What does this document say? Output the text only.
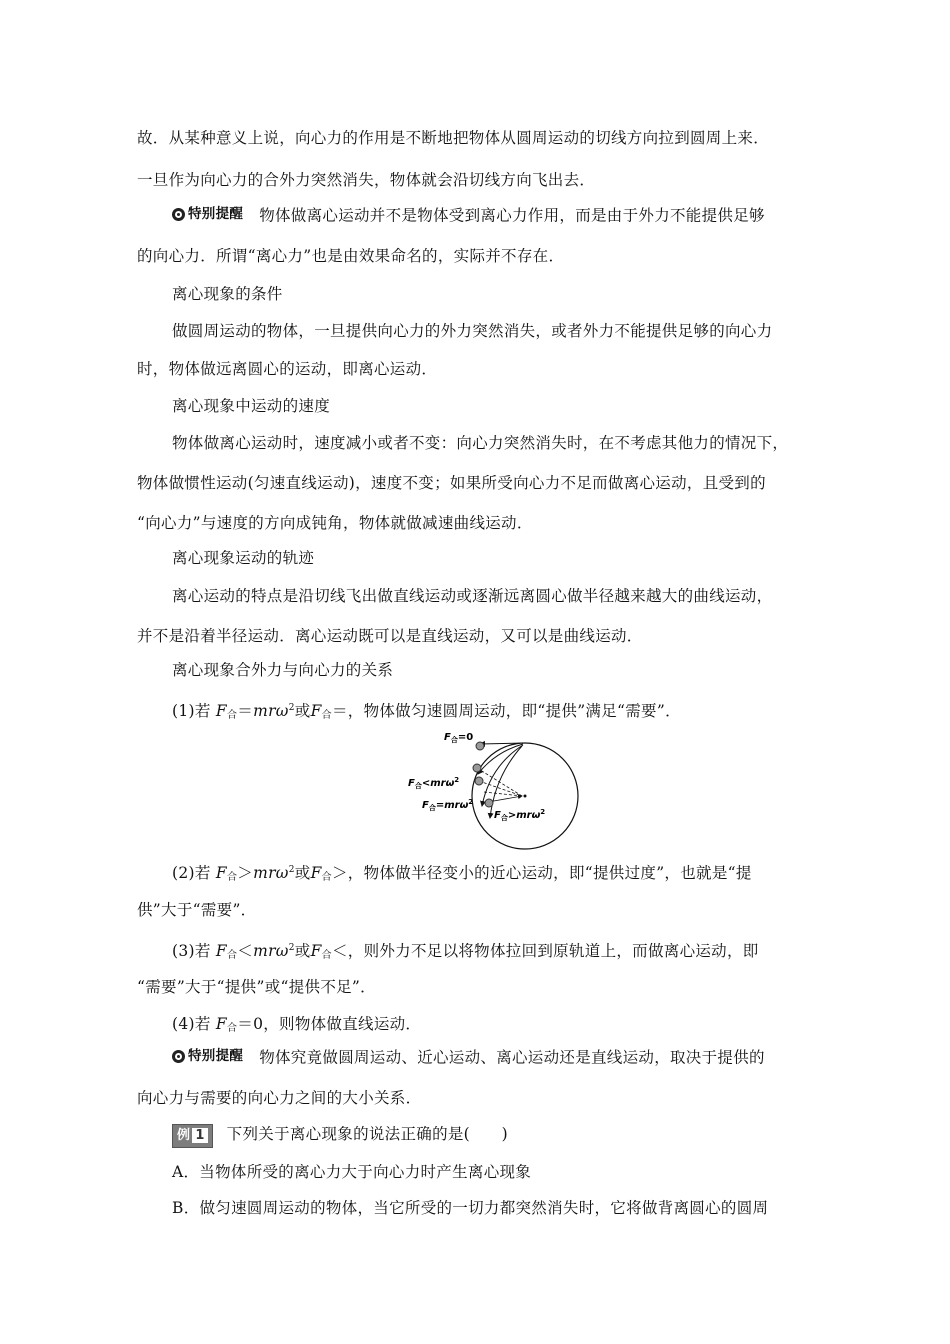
故．从某种意义上说，向心力的作用是不断地把物体从圆周运动的切线方向拉到圆周上来．
一旦作为向心力的合外力突然消失，物体就会沿切线方向飞出去．
特别提醒 物体做离心运动并不是物体受到离心力作用，而是由于外力不能提供足够
的向心力．所谓“离心力”也是由效果命名的，实际并不存在．
离心现象的条件
做圆周运动的物体，一旦提供向心力的外力突然消失，或者外力不能提供足够的向心力
时，物体做远离圆心的运动，即离心运动．
离心现象中运动的速度
物体做离心运动时，速度减小或者不变：向心力突然消失时，在不考虑其他力的情况下，
物体做惯性运动(匀速直线运动)，速度不变；如果所受向心力不足而做离心运动，且受到的
“向心力”与速度的方向成钝角，物体就做减速曲线运动．
离心现象运动的轨迹
离心运动的特点是沿切线飞出做直线运动或逐渐远离圆心做半径越来越大的曲线运动，
并不是沿着半径运动．离心运动既可以是直线运动，又可以是曲线运动．
离心现象合外力与向心力的关系
(1)若 $F_合=mr\omega^2$或$F_合=$，物体做匀速圆周运动，即“提供”满足“需要”．
$F_合=0$
$F_合<mr\omega^2$
$F_合=mr\omega^2$
$F_合>mr\omega^2$
(2)若 $F_合>mr\omega^2$或$F_合>$，物体做半径变小的近心运动，即“提供过度”，也就是“提
供”大于“需要”．
(3)若 $F_合<mr\omega^2$或$F_合<$，则外力不足以将物体拉回到原轨道上，而做离心运动，即
“需要”大于“提供”或“提供不足”．
(4)若 $F_合=0$，则物体做直线运动．
特别提醒 物体究竟做圆周运动、近心运动、离心运动还是直线运动，取决于提供的
向心力与需要的向心力之间的大小关系．
例 1 下列关于离心现象的说法正确的是(　　)
A．当物体所受的离心力大于向心力时产生离心现象
B．做匀速圆周运动的物体，当它所受的一切力都突然消失时，它将做背离圆心的圆周
